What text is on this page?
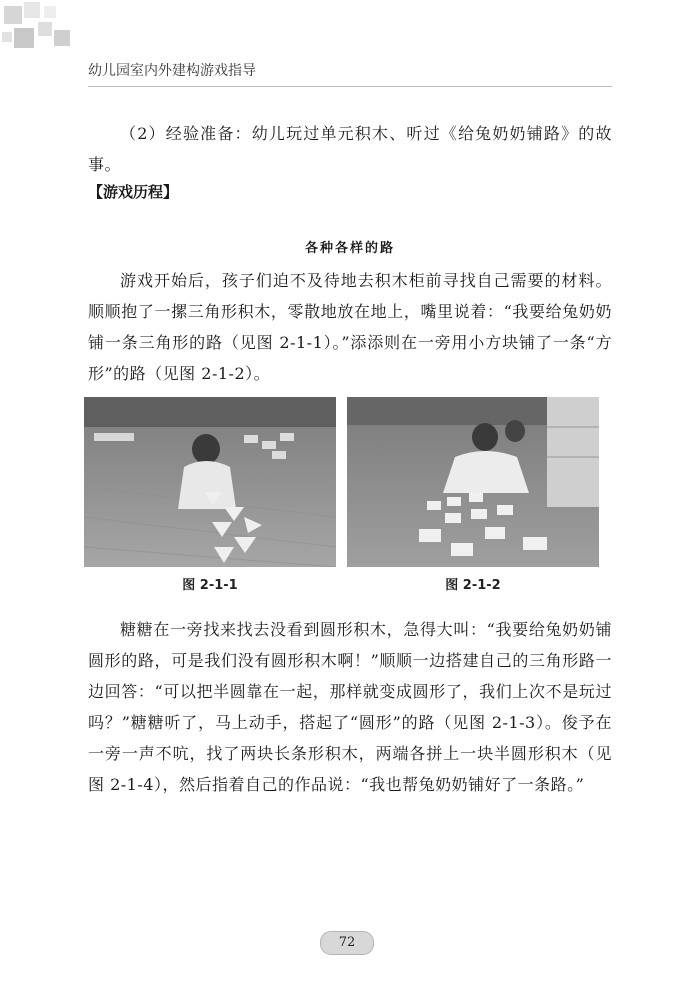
幼儿园室内外建构游戏指导

（2）经验准备：幼儿玩过单元积木、听过《给兔奶奶铺路》的故事。

【游戏历程】
各种各样的路

游戏开始后，孩子们迫不及待地去积木柜前寻找自己需要的材料。顺顺抱了一摞三角形积木，零散地放在地上，嘴里说着：“我要给兔奶奶铺一条三角形的路（见图 2-1-1）。”添添则在一旁用小方块铺了一条“方形”的路（见图 2-1-2）。

图 2-1-1	图 2-1-2

糖糖在一旁找来找去没看到圆形积木，急得大叫：“我要给兔奶奶铺圆形的路，可是我们没有圆形积木啊！”顺顺一边搭建自己的三角形路一边回答：“可以把半圆靠在一起，那样就变成圆形了，我们上次不是玩过吗？”糖糖听了，马上动手，搭起了“圆形”的路（见图 2-1-3）。俊予在一旁一声不吭，找了两块长条形积木，两端各拼上一块半圆形积木（见图 2-1-4），然后指着自己的作品说：“我也帮兔奶奶铺好了一条路。”

72
